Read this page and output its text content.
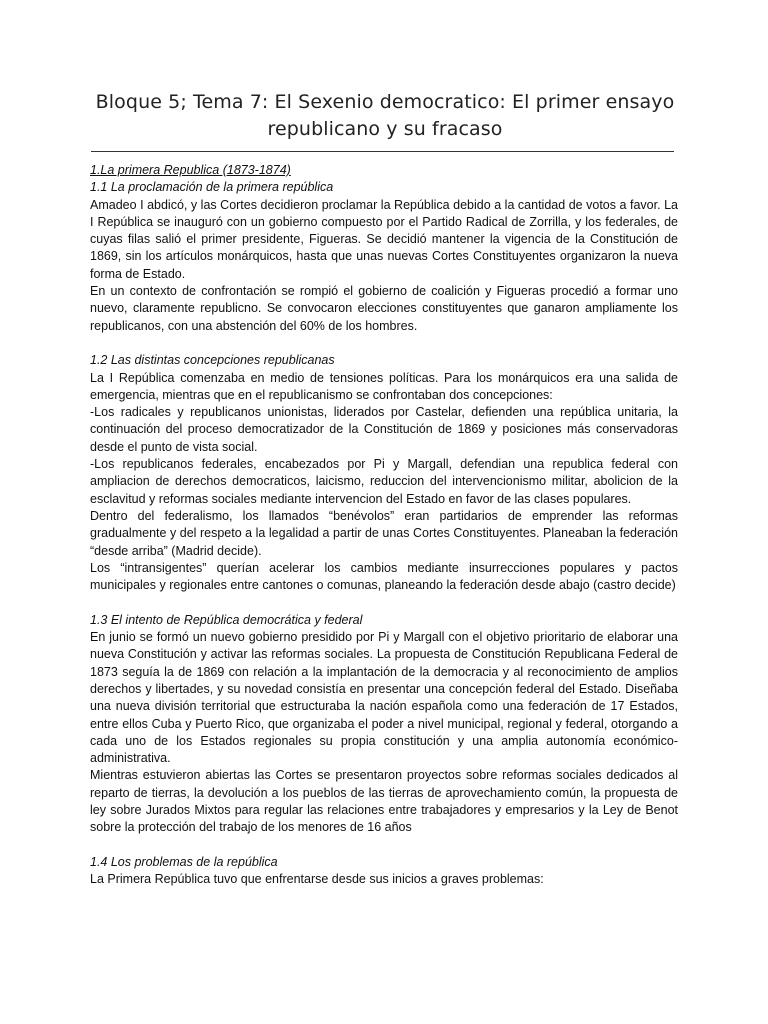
Bloque 5; Tema 7: El Sexenio democratico: El primer ensayo republicano y su fracaso

1.La primera Republica (1873-1874)

1.1 La proclamación de la primera república

Amadeo I abdicó, y las Cortes decidieron proclamar la República debido a la cantidad de votos a favor. La I República se inauguró con un gobierno compuesto por el Partido Radical de Zorrilla, y los federales, de cuyas filas salió el primer presidente, Figueras. Se decidió mantener la vigencia de la Constitución de 1869, sin los artículos monárquicos, hasta que unas nuevas Cortes Constituyentes organizaron la nueva forma de Estado.

En un contexto de confrontación se rompió el gobierno de coalición y Figueras procedió a formar uno nuevo, claramente republicno. Se convocaron elecciones constituyentes que ganaron ampliamente los republicanos, con una abstención del 60% de los hombres.

1.2 Las distintas concepciones republicanas

La I República comenzaba en medio de tensiones políticas. Para los monárquicos era una salida de emergencia, mientras que en el republicanismo se confrontaban dos concepciones:

-Los radicales y republicanos unionistas, liderados por Castelar, defienden una república unitaria, la continuación del proceso democratizador de la Constitución de 1869 y posiciones más conservadoras desde el punto de vista social.

-Los republicanos federales, encabezados por Pi y Margall, defendian una republica federal con ampliacion de derechos democraticos, laicismo, reduccion del intervencionismo militar, abolicion de la esclavitud y reformas sociales mediante intervencion del Estado en favor de las clases populares.

Dentro del federalismo, los llamados “benévolos” eran partidarios de emprender las reformas gradualmente y del respeto a la legalidad a partir de unas Cortes Constituyentes. Planeaban la federación “desde arriba” (Madrid decide).

Los “intransigentes” querían acelerar los cambios mediante insurrecciones populares y pactos municipales y regionales entre cantones o comunas, planeando la federación desde abajo (castro decide)

1.3 El intento de República democrática y federal

En junio se formó un nuevo gobierno presidido por Pi y Margall con el objetivo prioritario de elaborar una nueva Constitución y activar las reformas sociales. La propuesta de Constitución Republicana Federal de 1873 seguía la de 1869 con relación a la implantación de la democracia y al reconocimiento de amplios derechos y libertades, y su novedad consistía en presentar una concepción federal del Estado. Diseñaba una nueva división territorial que estructuraba la nación española como una federación de 17 Estados, entre ellos Cuba y Puerto Rico, que organizaba el poder a nivel municipal, regional y federal, otorgando a cada uno de los Estados regionales su propia constitución y una amplia autonomía económico-administrativa.

Mientras estuvieron abiertas las Cortes se presentaron proyectos sobre reformas sociales dedicados al reparto de tierras, la devolución a los pueblos de las tierras de aprovechamiento común, la propuesta de ley sobre Jurados Mixtos para regular las relaciones entre trabajadores y empresarios y la Ley de Benot sobre la protección del trabajo de los menores de 16 años

1.4 Los problemas de la república

La Primera República tuvo que enfrentarse desde sus inicios a graves problemas:
